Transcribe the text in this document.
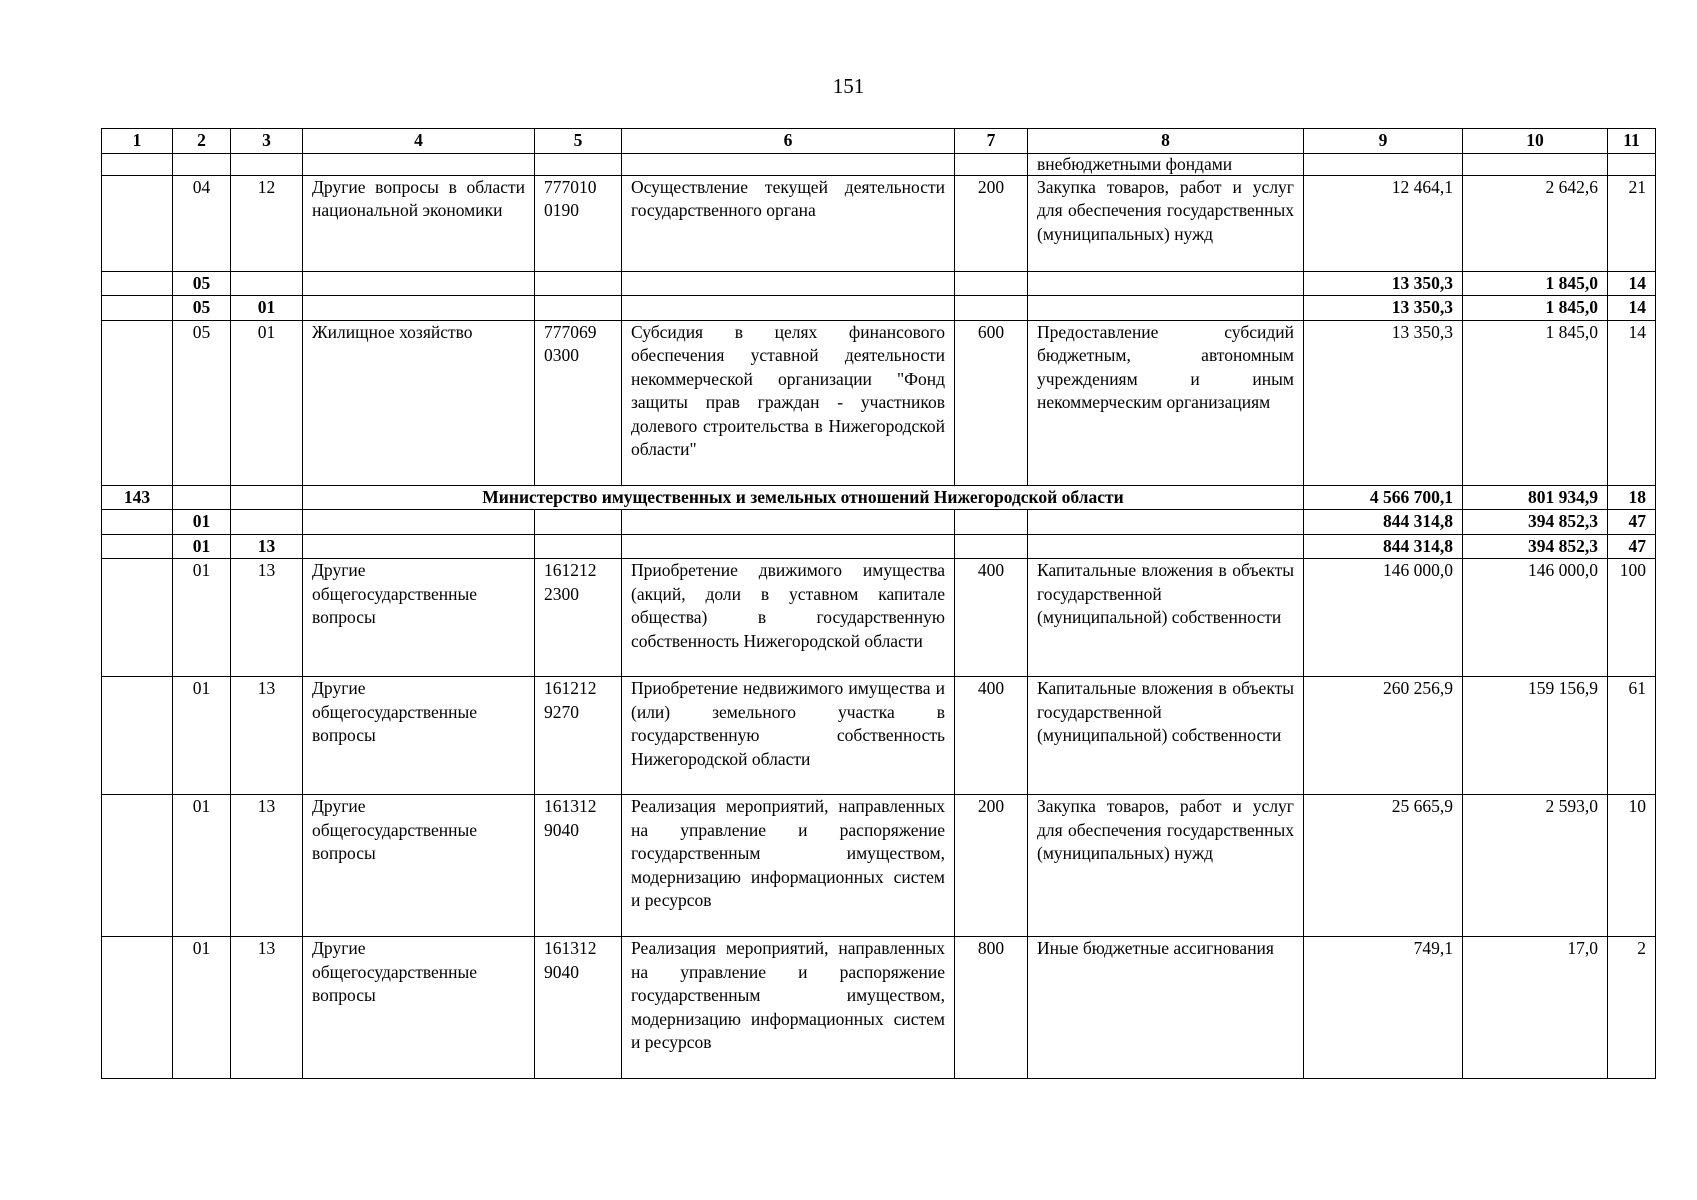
151
1	2	3	4	5	6	7	8	9	10	11
							внебюджетными фондами			
	04	12	Другие вопросы в области национальной экономики	777010 0190	Осуществление текущей деятельности государственного органа	200	Закупка товаров, работ и услуг для обеспечения государственных (муниципальных) нужд	12 464,1	2 642,6	21
	05							13 350,3	1 845,0	14
	05	01						13 350,3	1 845,0	14
	05	01	Жилищное хозяйство	777069 0300	Субсидия в целях финансового обеспечения уставной деятельности некоммерческой организации "Фонд защиты прав граждан - участников долевого строительства в Нижегородской области"	600	Предоставление субсидий бюджетным, автономным учреждениям и иным некоммерческим организациям	13 350,3	1 845,0	14
143			Министерство имущественных и земельных отношений Нижегородской области					4 566 700,1	801 934,9	18
	01							844 314,8	394 852,3	47
	01	13						844 314,8	394 852,3	47
	01	13	Другие общегосударственные вопросы	161212 2300	Приобретение движимого имущества (акций, доли в уставном капитале общества) в государственную собственность Нижегородской области	400	Капитальные вложения в объекты государственной (муниципальной) собственности	146 000,0	146 000,0	100
	01	13	Другие общегосударственные вопросы	161212 9270	Приобретение недвижимого имущества и (или) земельного участка в государственную собственность Нижегородской области	400	Капитальные вложения в объекты государственной (муниципальной) собственности	260 256,9	159 156,9	61
	01	13	Другие общегосударственные вопросы	161312 9040	Реализация мероприятий, направленных на управление и распоряжение государственным имуществом, модернизацию информационных систем и ресурсов	200	Закупка товаров, работ и услуг для обеспечения государственных (муниципальных) нужд	25 665,9	2 593,0	10
	01	13	Другие общегосударственные вопросы	161312 9040	Реализация мероприятий, направленных на управление и распоряжение государственным имуществом, модернизацию информационных систем и ресурсов	800	Иные бюджетные ассигнования	749,1	17,0	2
